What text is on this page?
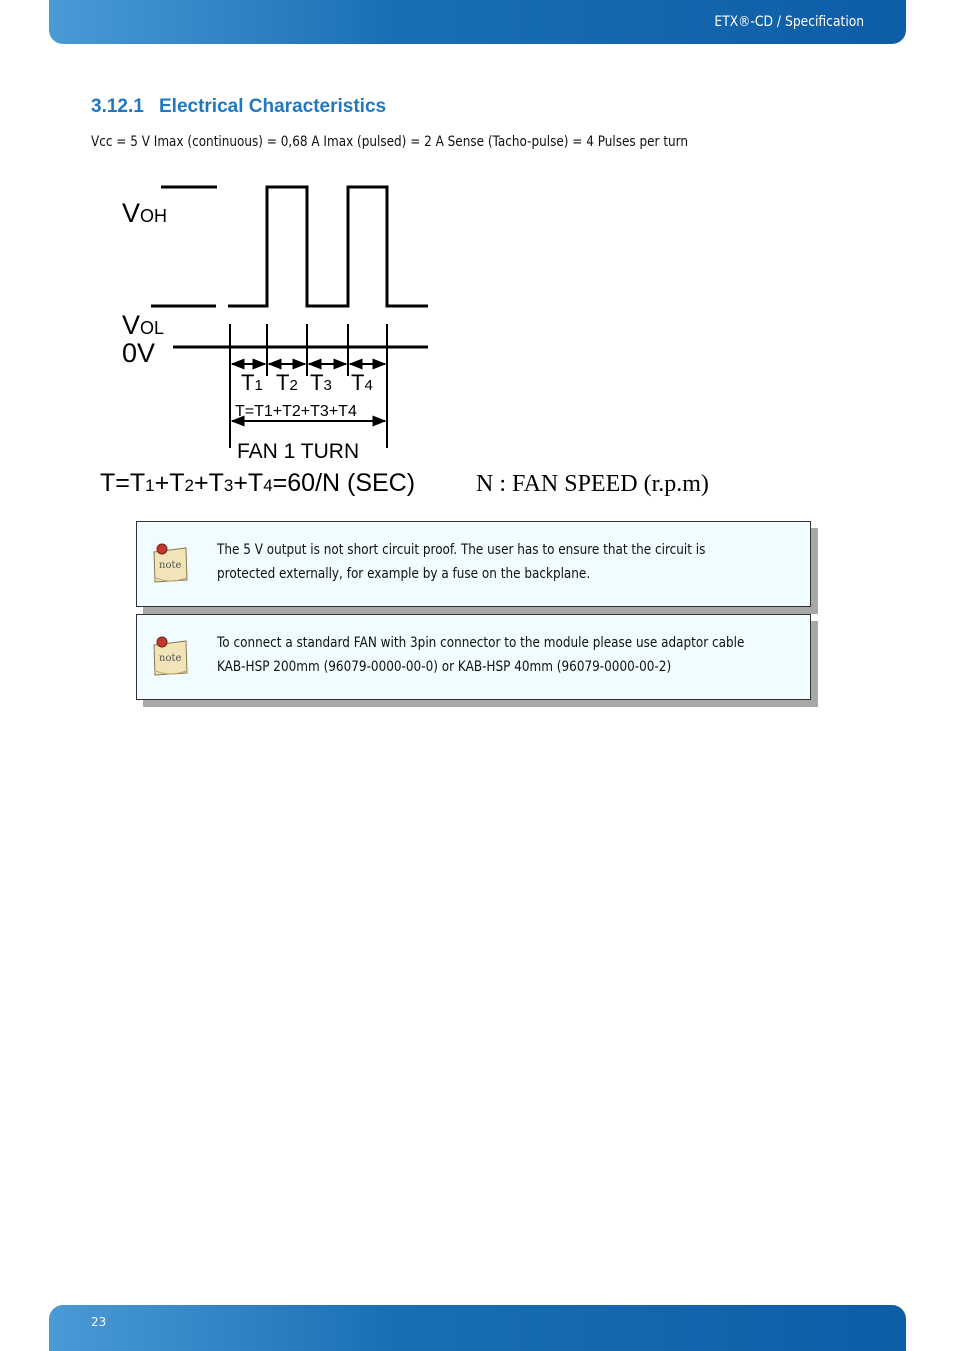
ETX®-CD / Specification
3.12.1 Electrical Characteristics

Vcc = 5 V Imax (continuous) = 0,68 A Imax (pulsed) = 2 A Sense (Tacho-pulse) = 4 Pulses per turn

VOH
VOL
0V
T1 T2 T3 T4
T=T1+T2+T3+T4
FAN 1 TURN
T=T1+T2+T3+T4=60/N (SEC)	N : FAN SPEED (r.p.m)
note

The 5 V output is not short circuit proof. The user has to ensure that the circuit is protected externally, for example by a fuse on the backplane.

note

To connect a standard FAN with 3pin connector to the module please use adaptor cable KAB-HSP 200mm (96079-0000-00-0) or KAB-HSP 40mm (96079-0000-00-2)

23
